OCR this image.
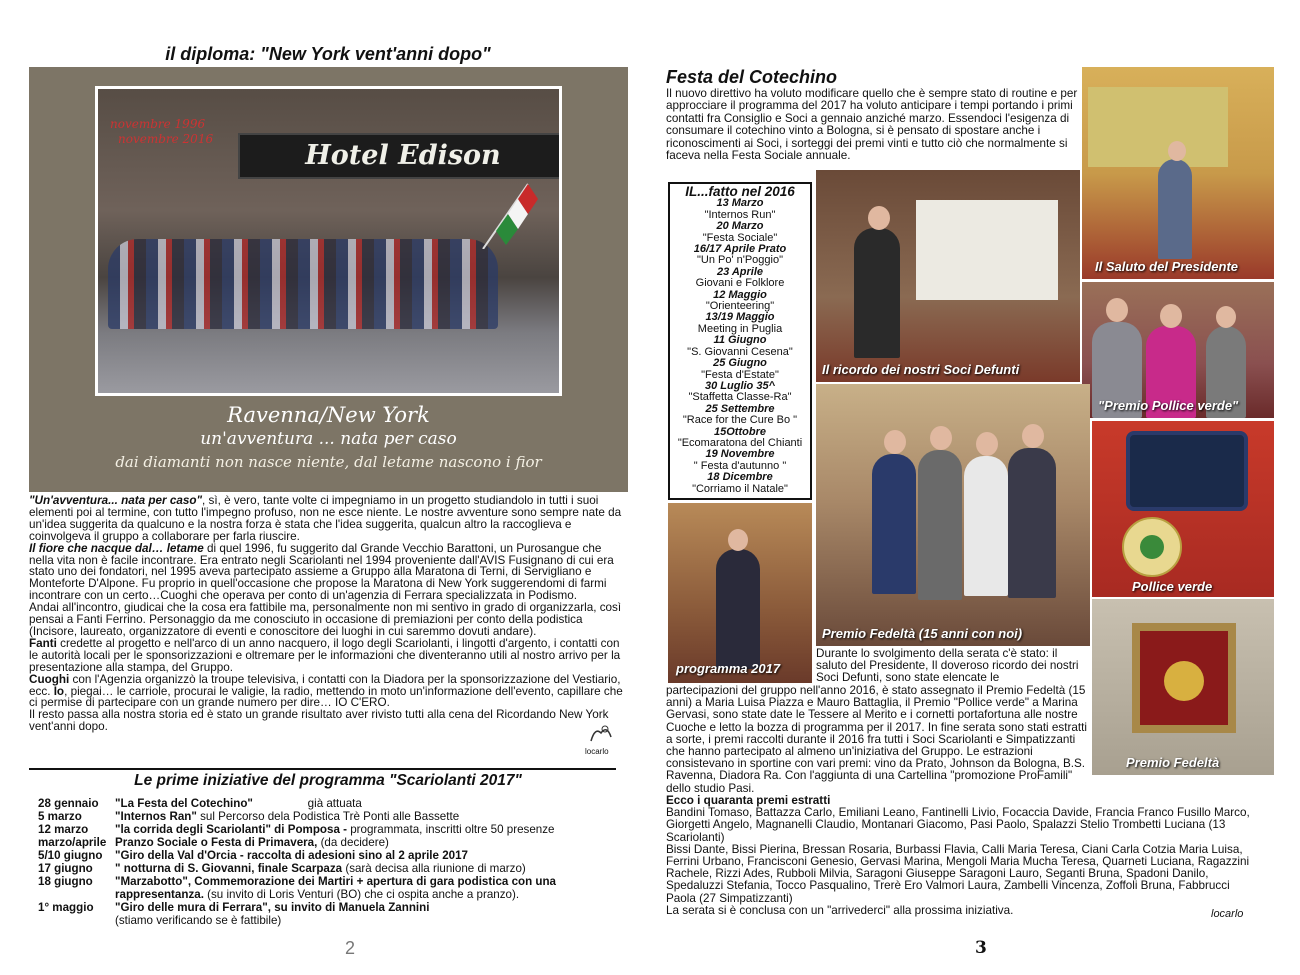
il diploma: "New York vent'anni dopo"
novembre 1996
novembre 2016
Hotel Edison
Ravenna/New York
un'avventura ... nata per caso
dai diamanti non nasce niente, dal letame nascono i fior

"Un'avventura... nata per caso", sì, è vero, tante volte ci impegniamo in un progetto studiandolo in tutti i suoi elementi poi al termine, con tutto l'impegno profuso, non ne esce niente. Le nostre avventure sono sempre nate da un'idea suggerita da qualcuno e la nostra forza è stata che l'idea suggerita, qualcun altro la raccoglieva e coinvolgeva il gruppo a collaborare per farla riuscire.

Il fiore che nacque dal… letame di quel 1996, fu suggerito dal Grande Vecchio Barattoni, un Purosangue che nella vita non è facile incontrare. Era entrato negli Scariolanti nel 1994 proveniente dall'AVIS Fusignano di cui era stato uno dei fondatori, nel 1995 aveva partecipato assieme a Gruppo alla Maratona di Terni, di Servigliano e Monteforte D'Alpone. Fu proprio in quell'occasione che propose la Maratona di New York suggerendomi di farmi incontrare con un certo…Cuoghi che operava per conto di un'agenzia di Ferrara specializzata in Podismo.

Andai all'incontro, giudicai che la cosa era fattibile ma, personalmente non mi sentivo in grado di organizzarla, così pensai a Fanti Ferrino. Personaggio da me conosciuto in occasione di premiazioni per conto della podistica (Incisore, laureato, organizzatore di eventi e conoscitore dei luoghi in cui saremmo dovuti andare).

Fanti credette al progetto e nell'arco di un anno nacquero, il logo degli Scariolanti, i lingotti d'argento, i contatti con le autorità locali per le sponsorizzazioni e oltremare per le informazioni che diventeranno utili al nostro arrivo per la presentazione alla stampa, del Gruppo.

Cuoghi con l'Agenzia organizzò la troupe televisiva, i contatti con la Diadora per la sponsorizzazione del Vestiario, ecc. Io, piegai… le carriole, procurai le valigie, la radio, mettendo in moto un'informazione dell'evento, capillare che ci permise di partecipare con un grande numero per dire… IO C'ERO.

Il resto passa alla nostra storia ed è stato un grande risultato aver rivisto tutti alla cena del Ricordando New York vent'anni dopo.

locarlo
Le prime iniziative del programma "Scariolanti 2017"
28 gennaio "La Festa del Cotechino"                 già attuata
5 marzo	"Internos Ran" sul Percorso dela Podistica Trè Ponti alle Bassette
12 marzo "la corrida degli Scariolanti" di Pomposa - programmata, inscritti oltre 50 presenze
marzo/aprile Pranzo Sociale o Festa di Primavera, (da decidere)
5/10 giugno "Giro della Val d'Orcia - raccolta di adesioni sino al 2 aprile 2017
17 giugno " notturna di S. Giovanni, finale Scarpaza (sarà decisa alla riunione di marzo)
18 giugno "Marzabotto", Commemorazione dei Martiri + apertura di gara podistica con una
rappresentanza. (su invito di Loris Venturi (BO) che ci ospita anche a pranzo).
1° maggio "Giro delle mura di Ferrara", su invito di Manuela Zannini
(stiamo verificando se è fattibile)
2
Festa del Cotechino
Il nuovo direttivo ha voluto modificare quello che è sempre stato di routine e per approcciare il programma del 2017 ha voluto anticipare i tempi portando i primi contatti fra Consiglio e Soci a gennaio anziché marzo. Essendoci l'esigenza di consumare il cotechino vinto a Bologna, si è pensato di spostare anche i riconoscimenti ai Soci, i sorteggi dei premi vinti e tutto ciò che normalmente si faceva nella Festa Sociale annuale.
IL...fatto nel 2016
13 Marzo
"Internos Run"
20 Marzo
"Festa Sociale"
16/17 Aprile Prato
"Un Po' n'Poggio"
23 Aprile
Giovani e Folklore
12 Maggio
"Orienteering"
13/19 Maggio
Meeting in Puglia
11 Giugno
"S. Giovanni Cesena"
25 Giugno
"Festa d'Estate"
30 Luglio 35^
"Staffetta Classe-Ra"
25 Settembre
"Race for the Cure Bo "
15Ottobre
"Ecomaratona del Chianti
19 Novembre
" Festa d'autunno "
18 Dicembre
"Corriamo il Natale"
Il Saluto del Presidente
Il ricordo dei nostri Soci Defunti
"Premio Pollice verde"
Premio Fedeltà (15 anni con noi)
Pollice verde
programma 2017
Premio Fedeltà
Durante lo svolgimento della serata c'è stato: il saluto del Presidente, Il doveroso ricordo dei nostri Soci Defunti, sono state elencate le
partecipazioni del gruppo nell'anno 2016, è stato assegnato il Premio Fedeltà (15 anni) a Maria Luisa Piazza e Mauro Battaglia, il Premio "Pollice verde" a Marina Gervasi, sono state date le Tessere al Merito e i cornetti portafortuna alle nostre Cuoche e letto la bozza di programma per il 2017. In fine serata sono stati estratti a sorte, i premi raccolti durante il 2016 fra tutti i Soci Scariolanti e Simpatizzanti che hanno partecipato al almeno un'iniziativa del Gruppo. Le estrazioni consistevano in sportine con vari premi: vino da Prato, Johnson da Bologna, B.S. Ravenna, Diadora Ra. Con l'aggiunta di una Cartellina "promozione ProFamili" dello studio Pasi.
Ecco i quaranta premi estratti
Bandini Tomaso, Battazza Carlo, Emiliani Leano, Fantinelli Livio, Focaccia Davide, Francia Franco Fusillo Marco, Giorgetti Angelo, Magnanelli Claudio, Montanari Giacomo, Pasi Paolo, Spalazzi Stelio Trombetti Luciana (13 Scariolanti)
Bissi Dante, Bissi Pierina, Bressan Rosaria, Burbassi Flavia, Calli Maria Teresa, Ciani Carla Cotzia Maria Luisa, Ferrini Urbano, Francisconi Genesio, Gervasi Marina, Mengoli Maria Mucha Teresa, Quarneti Luciana, Ragazzini Rachele, Rizzi Ades, Rubboli Milvia, Saragoni Giuseppe Saragoni Lauro, Seganti Bruna, Spadoni Danilo, Spedaluzzi Stefania, Tocco Pasqualino, Trerè Ero Valmori Laura, Zambelli Vincenza, Zoffoli Bruna, Fabbrucci Paola (27 Simpatizzanti)
La serata si è conclusa con un "arrivederci" alla prossima iniziativa.	locarlo
3
